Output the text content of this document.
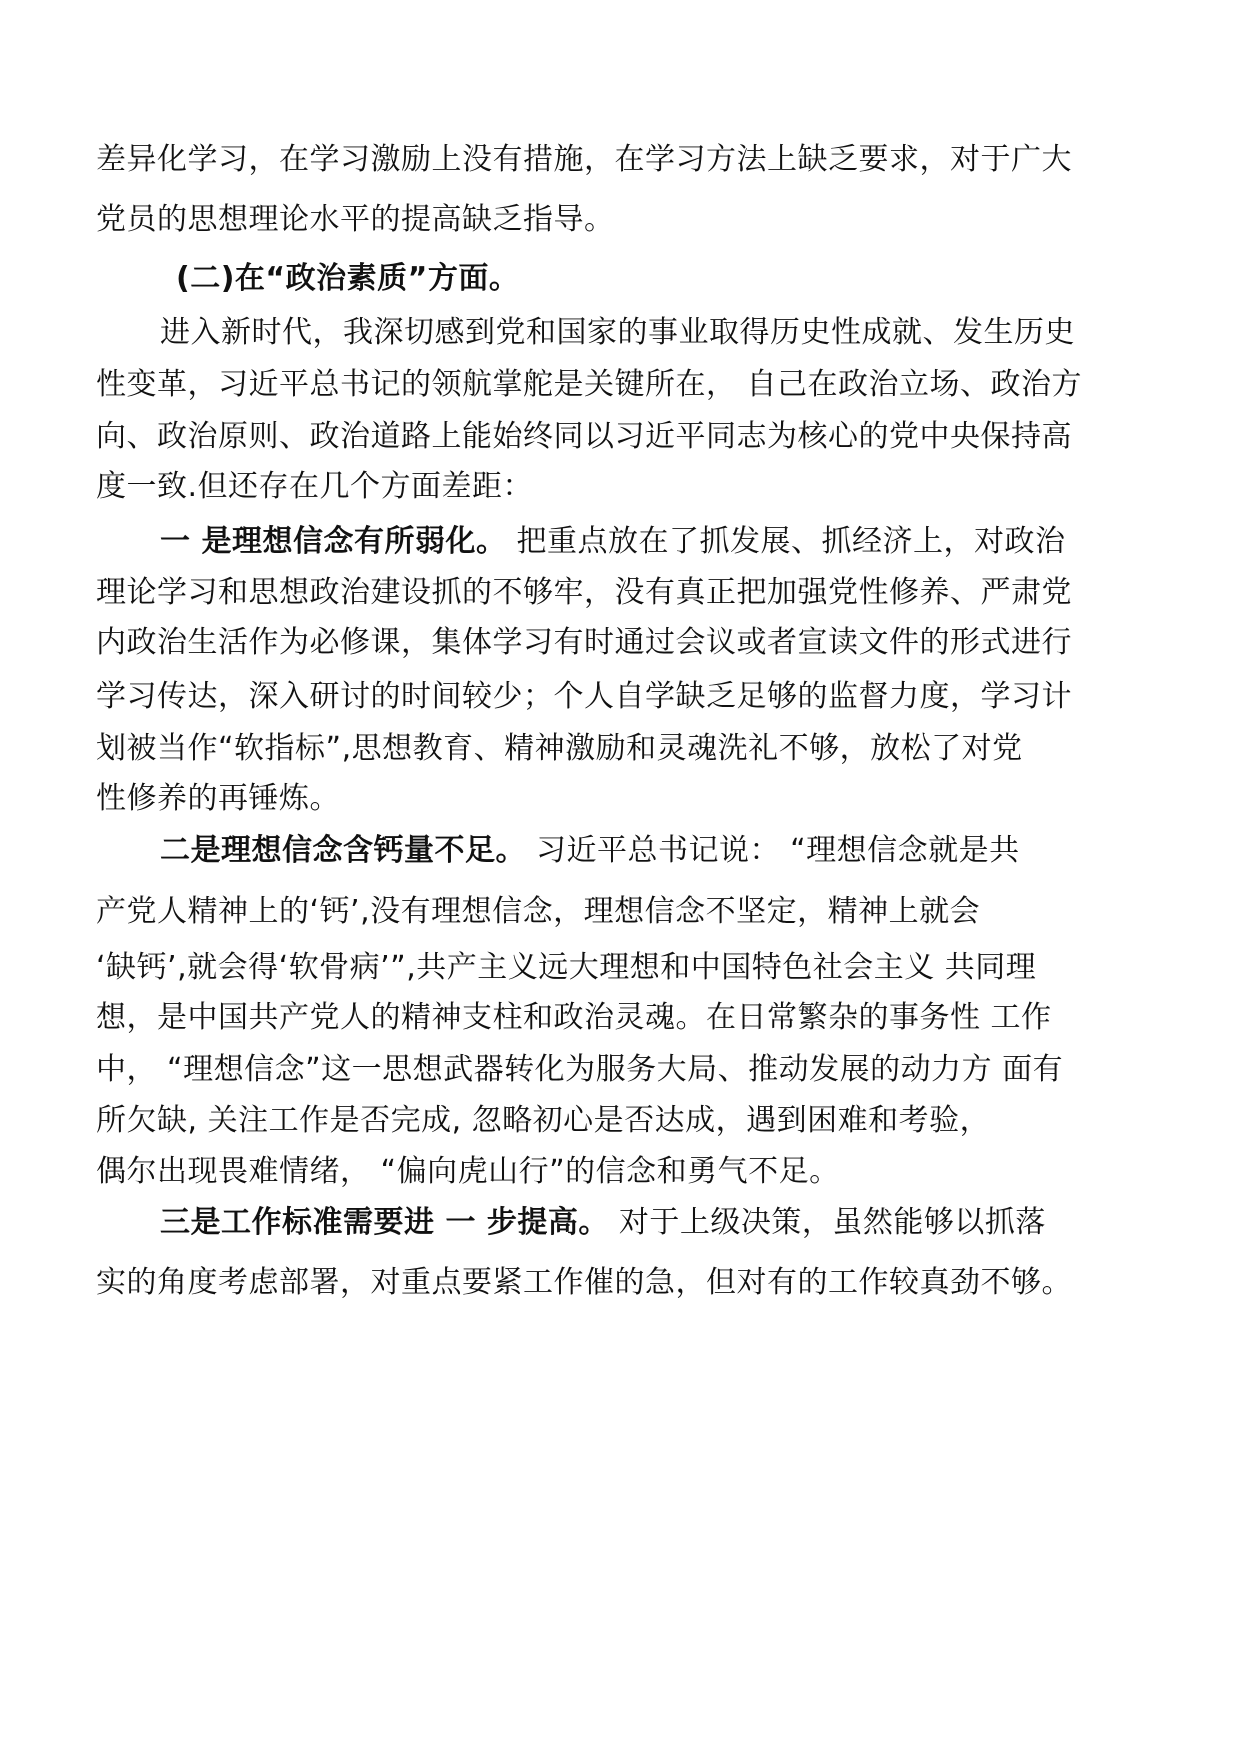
差异化学习，在学习激励上没有措施，在学习方法上缺乏要求，对于广大
党员的思想理论水平的提高缺乏指导。
(二)在“政治素质”方面。
进入新时代，我深切感到党和国家的事业取得历史性成就、发生历史
性变革，习近平总书记的领航掌舵是关键所在， 自己在政治立场、政治方
向、政治原则、政治道路上能始终同以习近平同志为核心的党中央保持高
度一致.但还存在几个方面差距：
一 是理想信念有所弱化。 把重点放在了抓发展、抓经济上，对政治
理论学习和思想政治建设抓的不够牢，没有真正把加强党性修养、严肃党
内政治生活作为必修课，集体学习有时通过会议或者宣读文件的形式进行
学习传达，深入研讨的时间较少；个人自学缺乏足够的监督力度，学习计
划被当作“软指标”,思想教育、精神激励和灵魂洗礼不够，放松了对党
性修养的再锤炼。
二是理想信念含钙量不足。 习近平总书记说： “理想信念就是共
产党人精神上的‘钙’,没有理想信念，理想信念不坚定，精神上就会
‘缺钙’,就会得‘软骨病’”,共产主义远大理想和中国特色社会主义 共同理
想，是中国共产党人的精神支柱和政治灵魂。在日常繁杂的事务性 工作
中， “理想信念”这一思想武器转化为服务大局、推动发展的动力方 面有
所欠缺, 关注工作是否完成, 忽略初心是否达成，遇到困难和考验，
偶尔出现畏难情绪， “偏向虎山行”的信念和勇气不足。
三是工作标准需要进 一 步提高。 对于上级决策，虽然能够以抓落
实的角度考虑部署，对重点要紧工作催的急，但对有的工作较真劲不够。
